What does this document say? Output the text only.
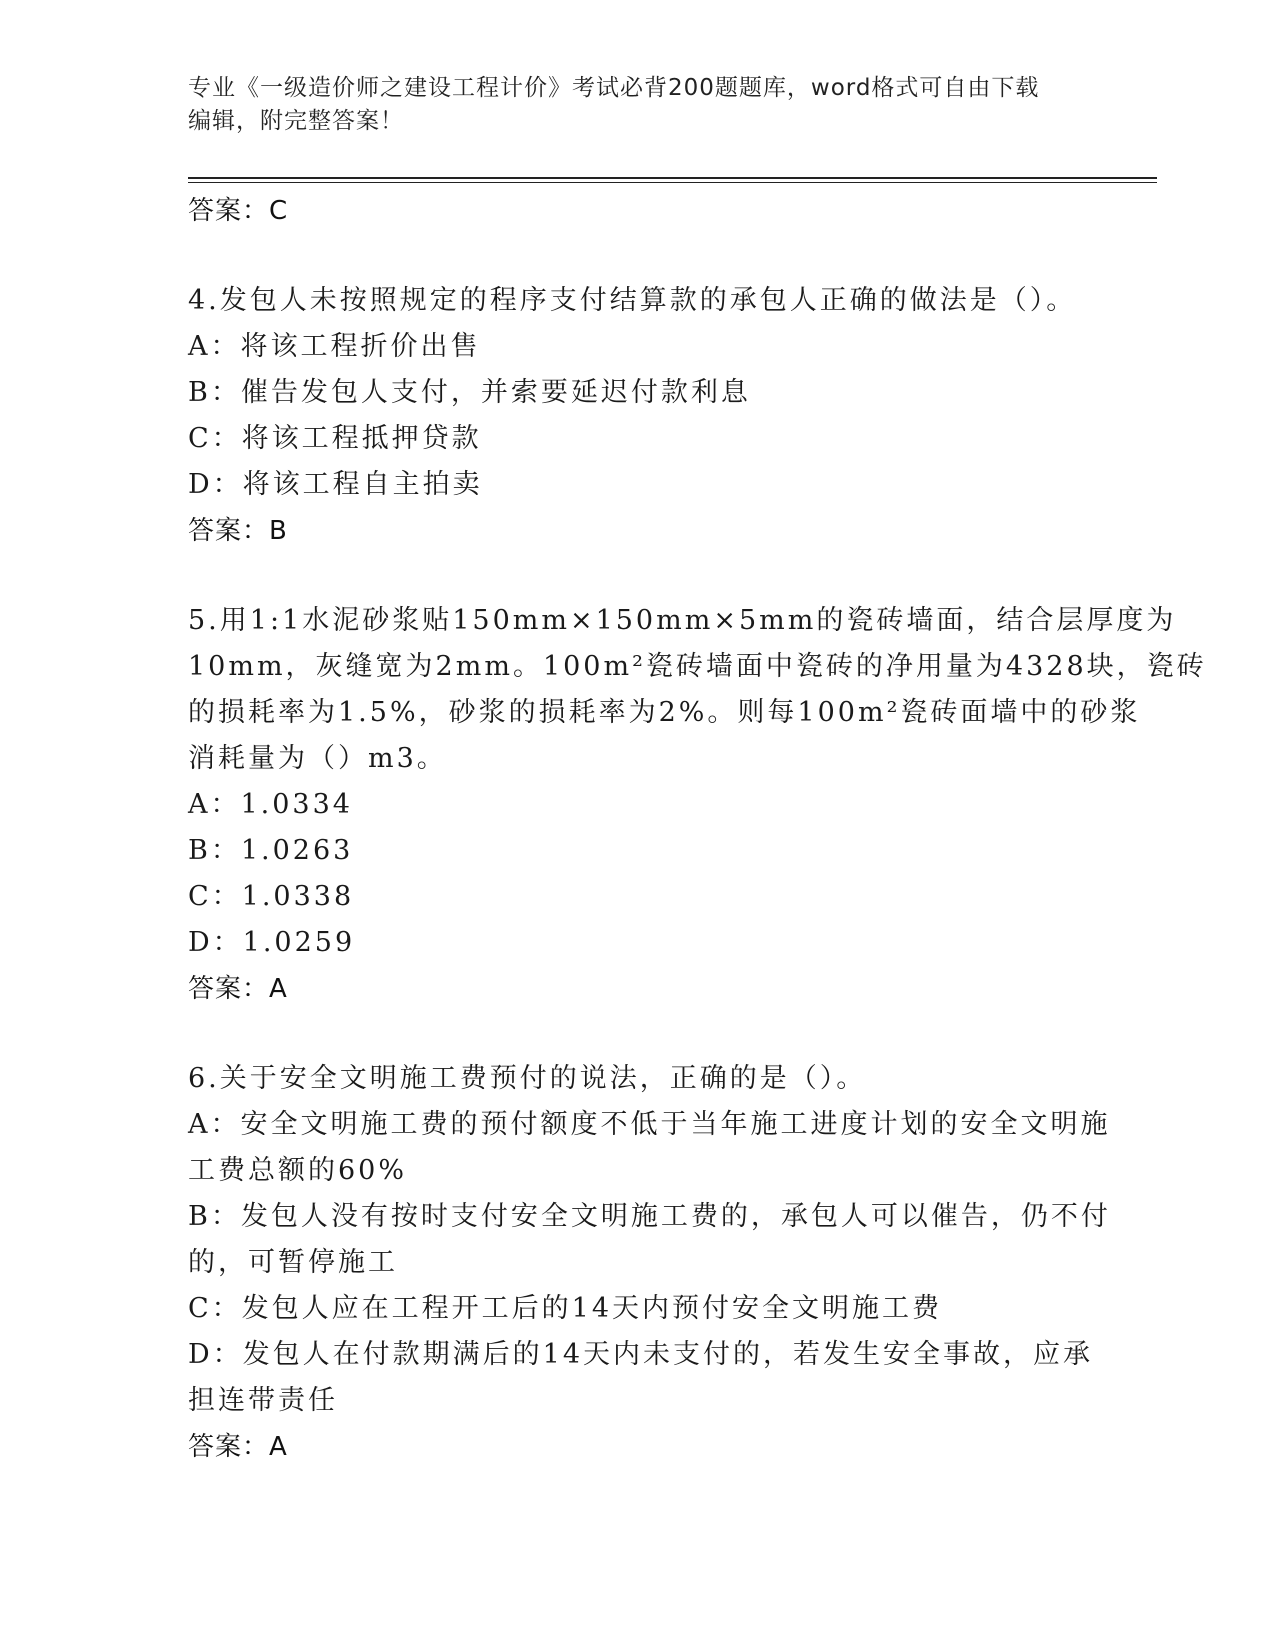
专业《一级造价师之建设工程计价》考试必背200题题库，word格式可自由下载
编辑，附完整答案！
答案：C
4.发包人未按照规定的程序支付结算款的承包人正确的做法是（）。
A：将该工程折价出售
B：催告发包人支付，并索要延迟付款利息
C：将该工程抵押贷款
D：将该工程自主拍卖
答案：B
5.用1:1水泥砂浆贴150mm×150mm×5mm的瓷砖墙面，结合层厚度为
10mm，灰缝宽为2mm。100m²瓷砖墙面中瓷砖的净用量为4328块，瓷砖
的损耗率为1.5%，砂浆的损耗率为2%。则每100m²瓷砖面墙中的砂浆
消耗量为（）m3。
A：1.0334
B：1.0263
C：1.0338
D：1.0259
答案：A
6.关于安全文明施工费预付的说法，正确的是（）。
A：安全文明施工费的预付额度不低于当年施工进度计划的安全文明施
工费总额的60%
B：发包人没有按时支付安全文明施工费的，承包人可以催告，仍不付
的，可暂停施工
C：发包人应在工程开工后的14天内预付安全文明施工费
D：发包人在付款期满后的14天内未支付的，若发生安全事故，应承
担连带责任
答案：A
